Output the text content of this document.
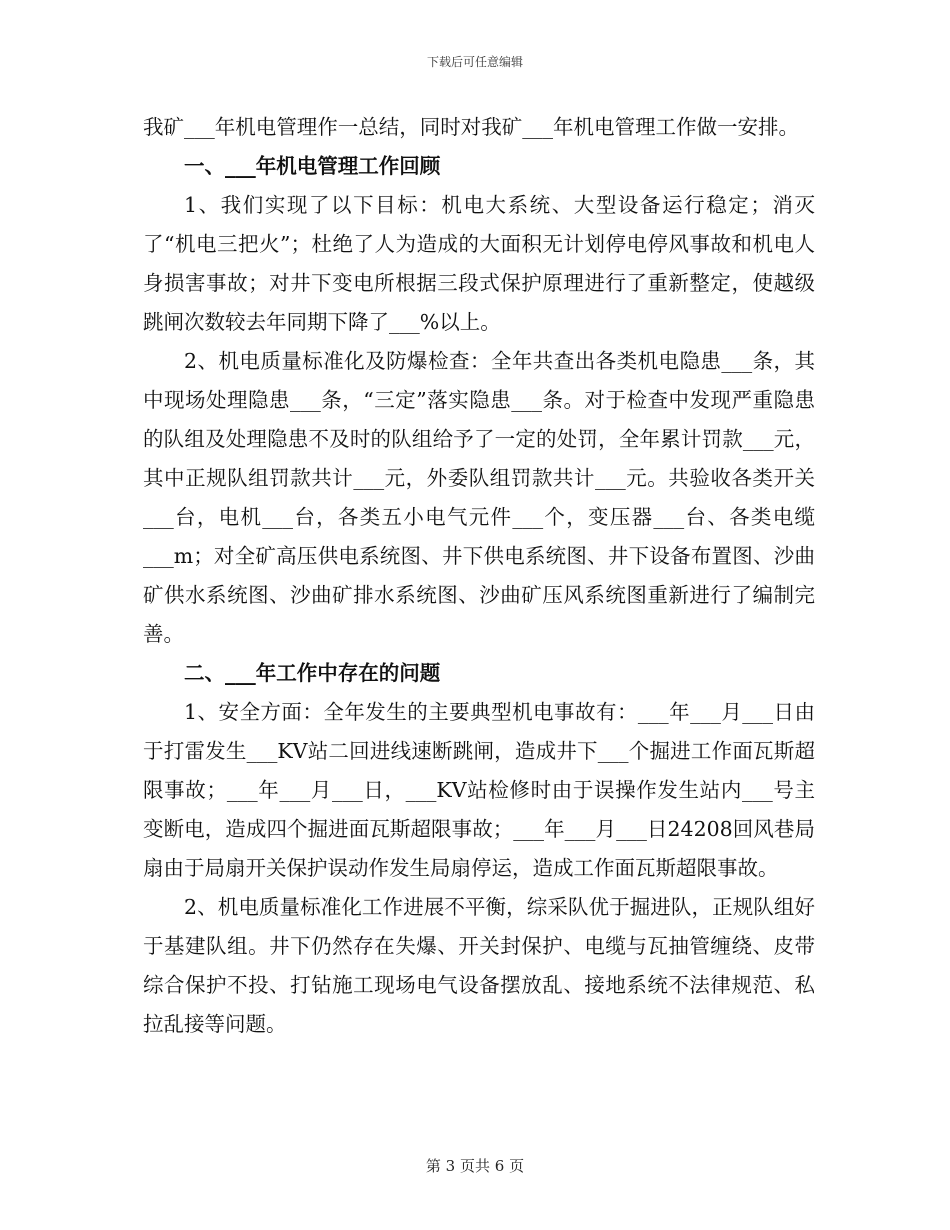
下载后可任意编辑

我矿___年机电管理作一总结，同时对我矿___年机电管理工作做一安排。

一、___年机电管理工作回顾

1、我们实现了以下目标：机电大系统、大型设备运行稳定；消灭了“机电三把火”；杜绝了人为造成的大面积无计划停电停风事故和机电人身损害事故；对井下变电所根据三段式保护原理进行了重新整定，使越级跳闸次数较去年同期下降了___%以上。

2、机电质量标准化及防爆检查：全年共查出各类机电隐患___条，其中现场处理隐患___条，“三定”落实隐患___条。对于检查中发现严重隐患的队组及处理隐患不及时的队组给予了一定的处罚，全年累计罚款___元，其中正规队组罚款共计___元，外委队组罚款共计___元。共验收各类开关___台，电机___台，各类五小电气元件___个，变压器___台、各类电缆___m；对全矿高压供电系统图、井下供电系统图、井下设备布置图、沙曲矿供水系统图、沙曲矿排水系统图、沙曲矿压风系统图重新进行了编制完善。

二、___年工作中存在的问题

1、安全方面：全年发生的主要典型机电事故有：___年___月___日由于打雷发生___KV站二回进线速断跳闸，造成井下___个掘进工作面瓦斯超限事故；___年___月___日，___KV站检修时由于误操作发生站内___号主变断电，造成四个掘进面瓦斯超限事故；___年___月___日24208回风巷局扇由于局扇开关保护误动作发生局扇停运，造成工作面瓦斯超限事故。

2、机电质量标准化工作进展不平衡，综采队优于掘进队，正规队组好于基建队组。井下仍然存在失爆、开关封保护、电缆与瓦抽管缠绕、皮带综合保护不投、打钻施工现场电气设备摆放乱、接地系统不法律规范、私拉乱接等问题。

第 3 页共 6 页
